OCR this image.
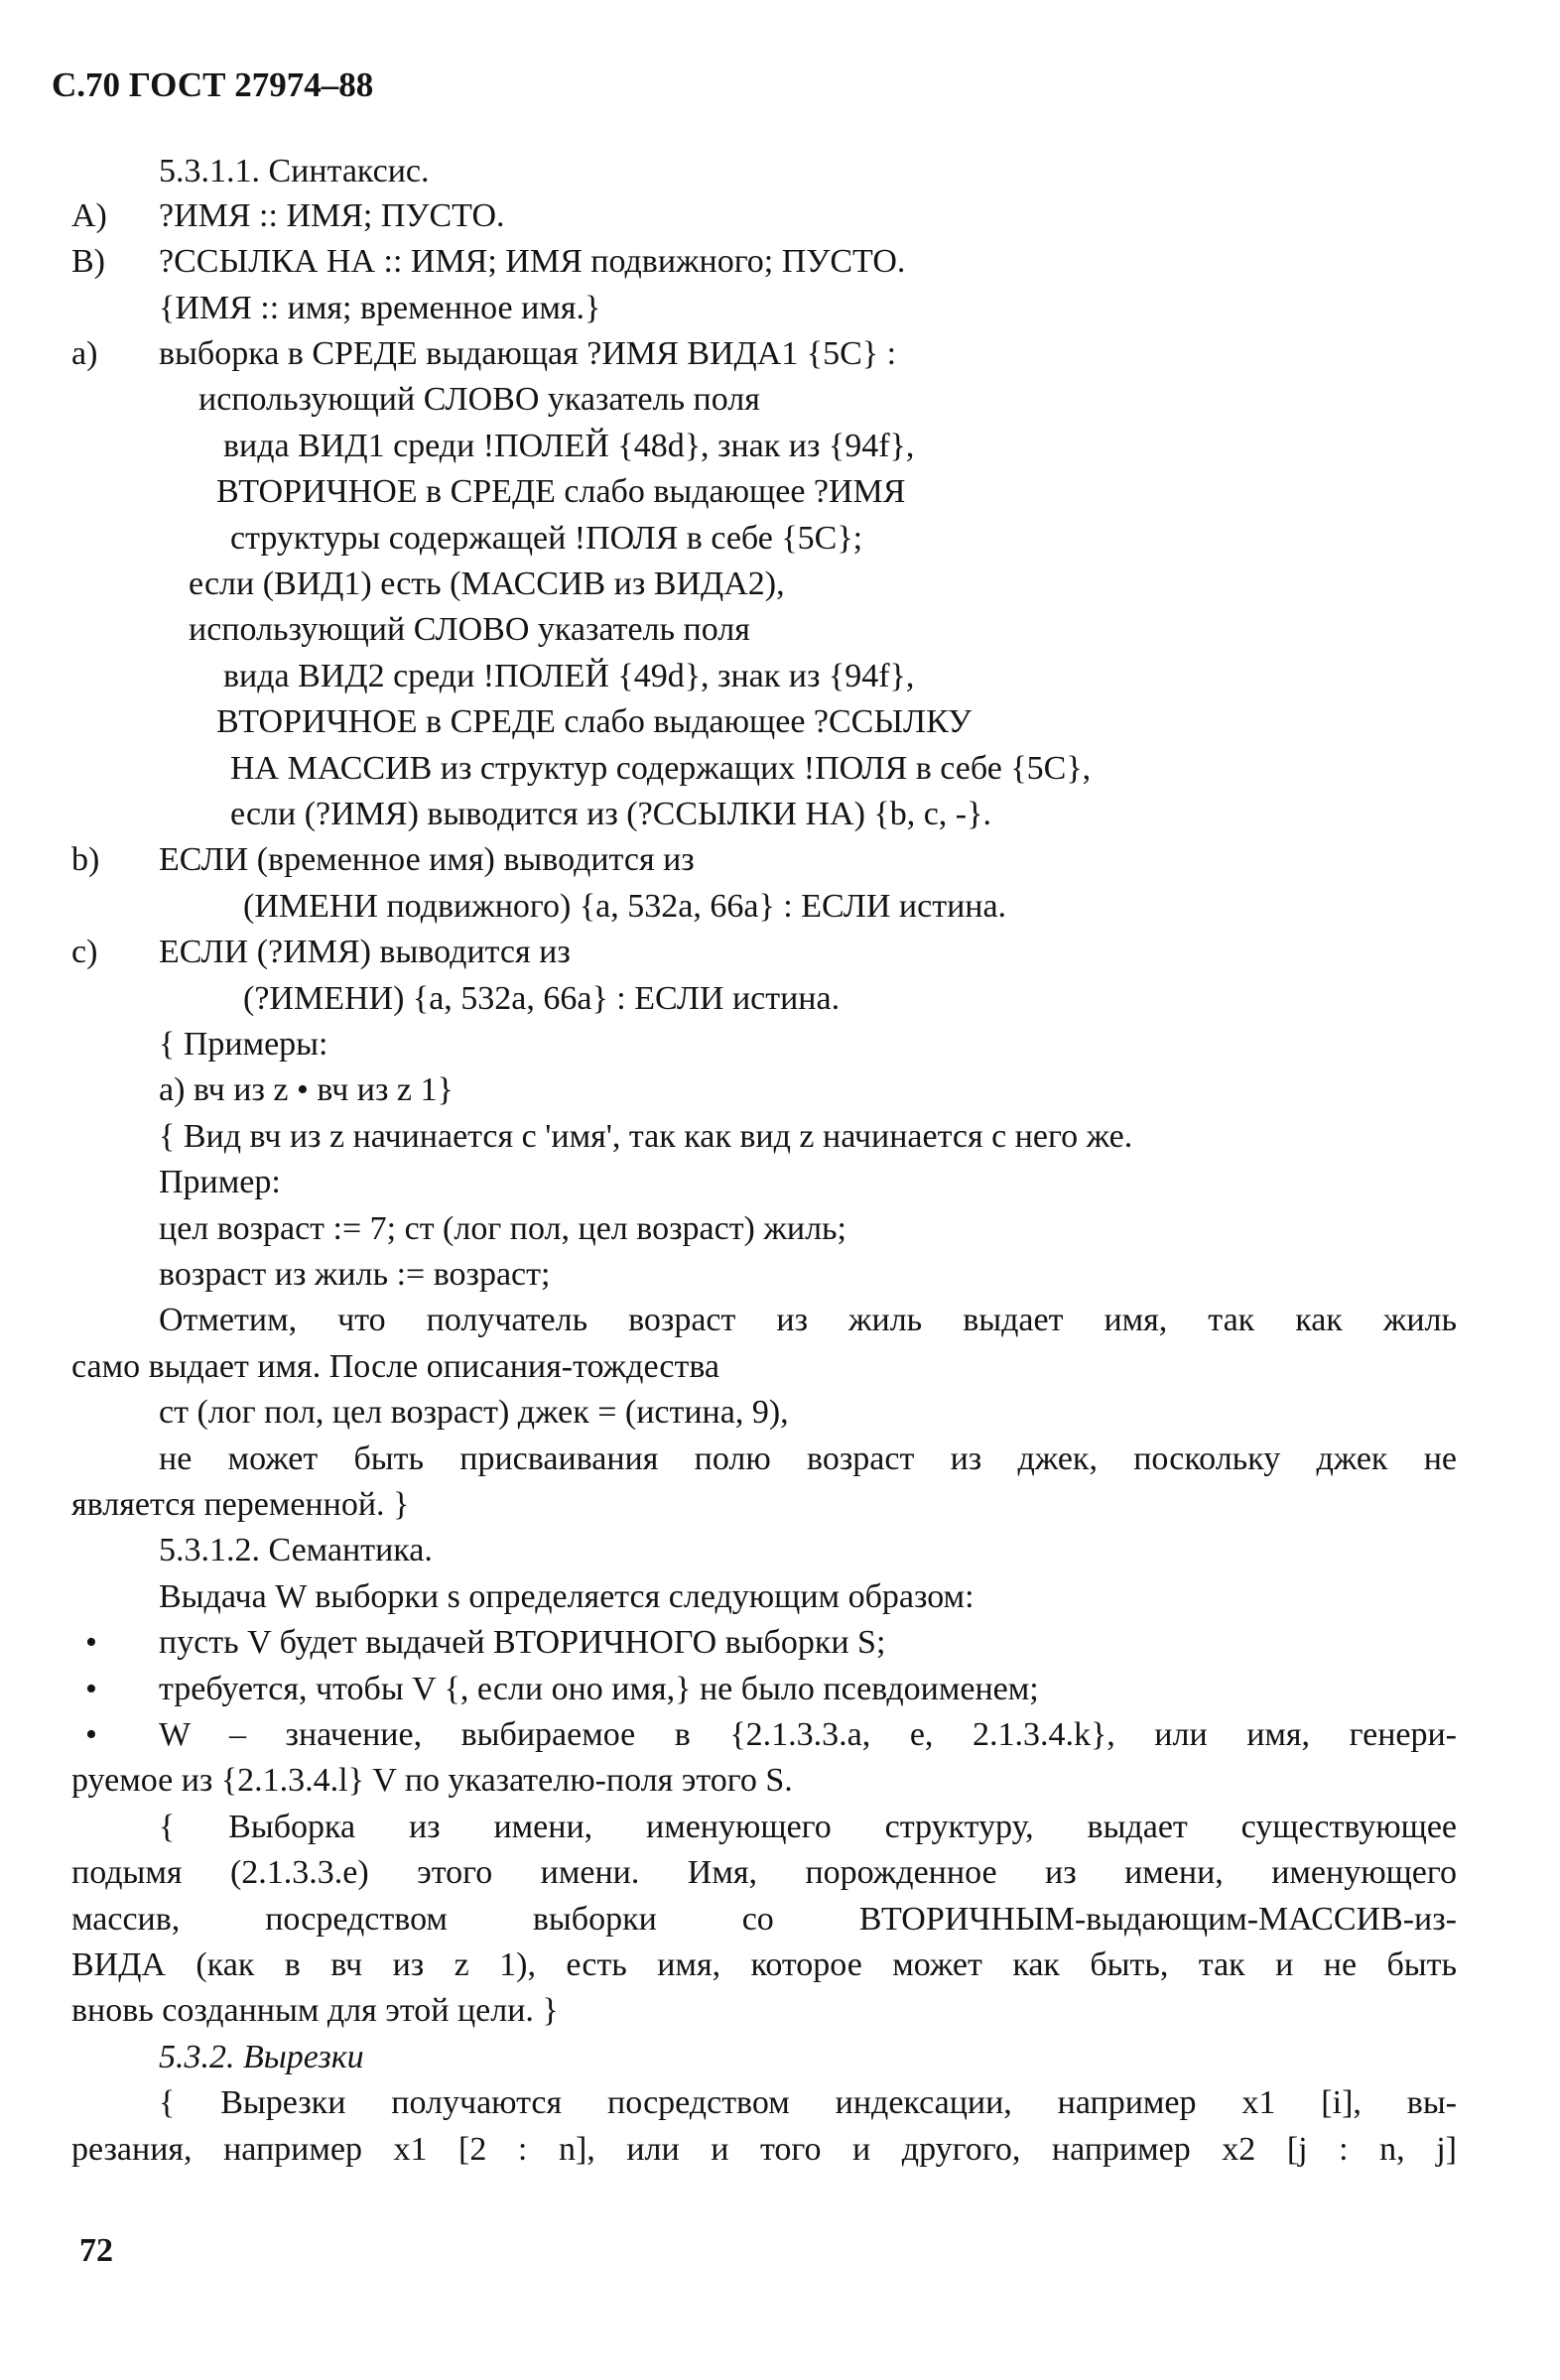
С.70 ГОСТ 27974–88
5.3.1.1. Синтаксис.
A) ?ИМЯ :: ИМЯ; ПУСТО.
B) ?ССЫЛКА НА :: ИМЯ; ИМЯ подвижного; ПУСТО.
{ИМЯ :: имя; временное имя.}
a) выборка в СРЕДЕ выдающая ?ИМЯ ВИДА1 {5C} :
использующий СЛОВО указатель поля
вида ВИД1 среди !ПОЛЕЙ {48d}, знак из {94f},
ВТОРИЧНОЕ в СРЕДЕ слабо выдающее ?ИМЯ
структуры содержащей !ПОЛЯ в себе {5C};
если (ВИД1) есть (МАССИВ из ВИДА2),
использующий СЛОВО указатель поля
вида ВИД2 среди !ПОЛЕЙ {49d}, знак из {94f},
ВТОРИЧНОЕ в СРЕДЕ слабо выдающее ?ССЫЛКУ
НА МАССИВ из структур содержащих !ПОЛЯ в себе {5C},
если (?ИМЯ) выводится из (?ССЫЛКИ НА) {b, c, -}.
b) ЕСЛИ (временное имя) выводится из
(ИМЕНИ подвижного) {a, 532a, 66a} : ЕСЛИ истина.
c) ЕСЛИ (?ИМЯ) выводится из
(?ИМЕНИ) {a, 532a, 66a} : ЕСЛИ истина.
{ Примеры:
a) вч из z • вч из z 1}
{ Вид вч из z начинается с 'имя', так как вид z начинается с него же.
Пример:
цел возраст := 7; ст (лог пол, цел возраст) жиль;
возраст из жиль := возраст;
Отметим, что получатель возраст из жиль выдает имя, так как жиль
само выдает имя. После описания-тождества
ст (лог пол, цел возраст) джек = (истина, 9),
не может быть присваивания полю возраст из джек, поскольку джек не
является переменной. }
5.3.1.2. Семантика.
Выдача W выборки s определяется следующим образом:
• пусть V будет выдачей ВТОРИЧНОГО выборки S;
• требуется, чтобы V {, если оно имя,} не было псевдоименем;
• W – значение, выбираемое в {2.1.3.3.a, e, 2.1.3.4.k}, или имя, генери-
руемое из {2.1.3.4.l} V по указателю-поля этого S.
{ Выборка из имени, именующего структуру, выдает существующее
подымя (2.1.3.3.e) этого имени. Имя, порожденное из имени, именующего
массив, посредством выборки со ВТОРИЧНЫМ-выдающим-МАССИВ-из-
ВИДА (как в вч из z 1), есть имя, которое может как быть, так и не быть
вновь созданным для этой цели. }
5.3.2. Вырезки
{ Вырезки получаются посредством индексации, например x1 [i], вы-
резания, например x1 [2 : n], или и того и другого, например x2 [j : n, j]
72
